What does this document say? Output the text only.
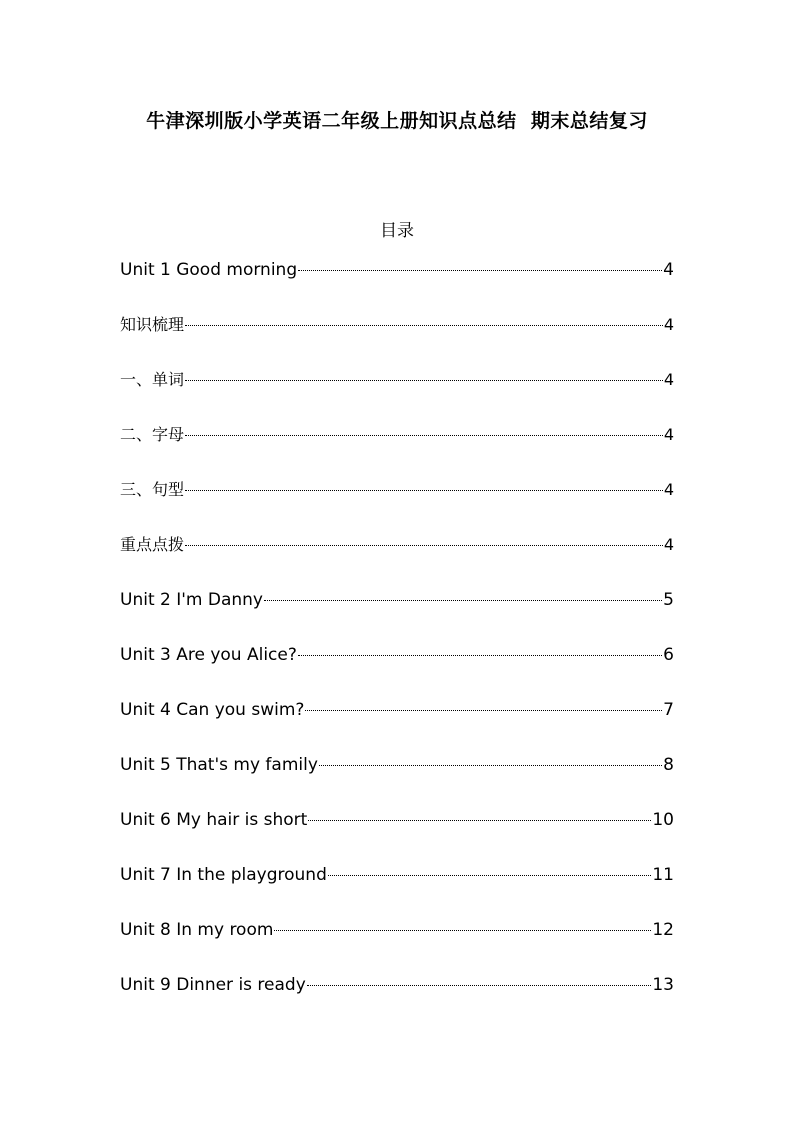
牛津深圳版小学英语二年级上册知识点总结  期末总结复习
目录
Unit 1 Good morning	4
知识梳理	4
一、单词	4
二、字母	4
三、句型	4
重点点拨	4
Unit 2 I'm Danny	5
Unit 3 Are you Alice?	6
Unit 4 Can you swim?	7
Unit 5 That's my family	8
Unit 6 My hair is short	10
Unit 7 In the playground	11
Unit 8 In my room	12
Unit 9 Dinner is ready	13
